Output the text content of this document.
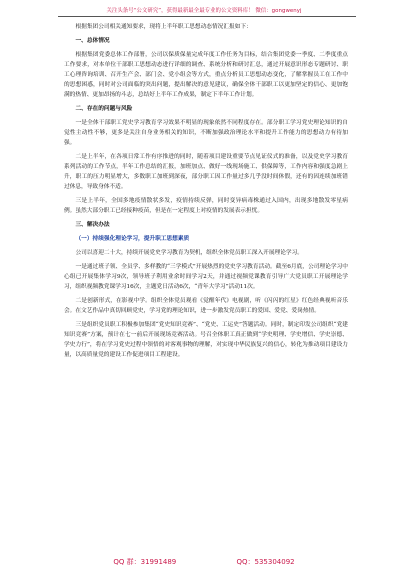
关注头条号“公文研究”，获得最新最全最专业的公文资料库！ 微信：gongwenyj

根据集团公司相关通知要求，现将上半年职工思想动态情况汇报如下：

一、总体情况

根据集团党委总体工作部署，公司以保质保量完成年度工作任务为目标，结合集团党委一季度、二季度重点工作要求，对本单位干部职工思想动态进行详细的调查、系统分析和研讨汇总，通过开展意识形态专题研讨、职工心理咨询培训、召开生产会、部门会、党小组会等方式，重点分析员工思想动态变化，了解掌握员工在工作中的思想困惑，同时对公司面临的突出问题，提出解决的意见建议，确保全体干部职工以更加坚定的信心、更加饱满的热情、更加昂扬的斗志，总结好上半年工作成果，制定下半年工作计划。

二、存在的问题与风险

一是全体干部职工党史学习教育学习效果不明显的现象依然不同程度存在。部分职工学习党史理论知识的自觉性主动性不够，更多是关注自身业务相关的知识，不断加强政治理论水平和提升工作能力的思想动力有待加强。

二是上半年，在各项日常工作有序推进的同时，随着项目建设重要节点见证仪式的准备，以及党史学习教育系列活动的工作节点，半年工作总结的汇报，加班加点、做好一线现场施工、供保障等，工作内容和强度急剧上升，职工的压力明显增大，多数职工加班到深夜，部分职工因工作量过多几乎没时间休假，还有的因连续加班错过休息，导致身体不适。

三是上半年，全国多地疫情散状多发，疫情持续反弹，同时变异病毒株通过入国内，出现多地散发零星病例。虽然大部分职工已经接种疫苗，但是在一定程度上对疫情的发展表示担忧。

三、解决办法

（一）持续强化理论学习，提升职工思想素质

公司以喜迎二十大，持续开展党史学习教育为契机，组织全体党员职工深入开展理论学习。

一是通过班子领、全员学、多样教的“三学模式”开展热烈的党史学习教育活动。截至6月底，公司理论学习中心组已开展集体学习9次，领导班子利用业余时间学习2天，并通过视频党课教育引导广大党员职工开展理论学习，组织视频教党课学习16次，主题党日活动6次，“青年大学习”活动11次。

二是创新形式，在影视中学。组织全体党员观看《觉醒年代》电视剧，听《闪闪的红星》红色经典视听音乐会。在文艺作品中真切回顾党史，学习党的理论知识，进一步激发党员职工的爱国、爱党、爱岗热情。

三是组织党员职工积极参加集团“党史知识竞赛”、“党史、工运史”答题活动。同时，制定印发公司组织“党建知识竞赛”方案，预计在七一前后开展现场竞赛活动。号召全体职工真正做到“学史明理、学史增信、学史崇德、学史力行”，将在学习党史过程中领悟的对客观事物的理解，对实现中华民族复兴的信心，转化为推动项目建设力量，以高质量党的建设工作促进项目工程建设。

QQ 群：31991489	QQ：535304092
